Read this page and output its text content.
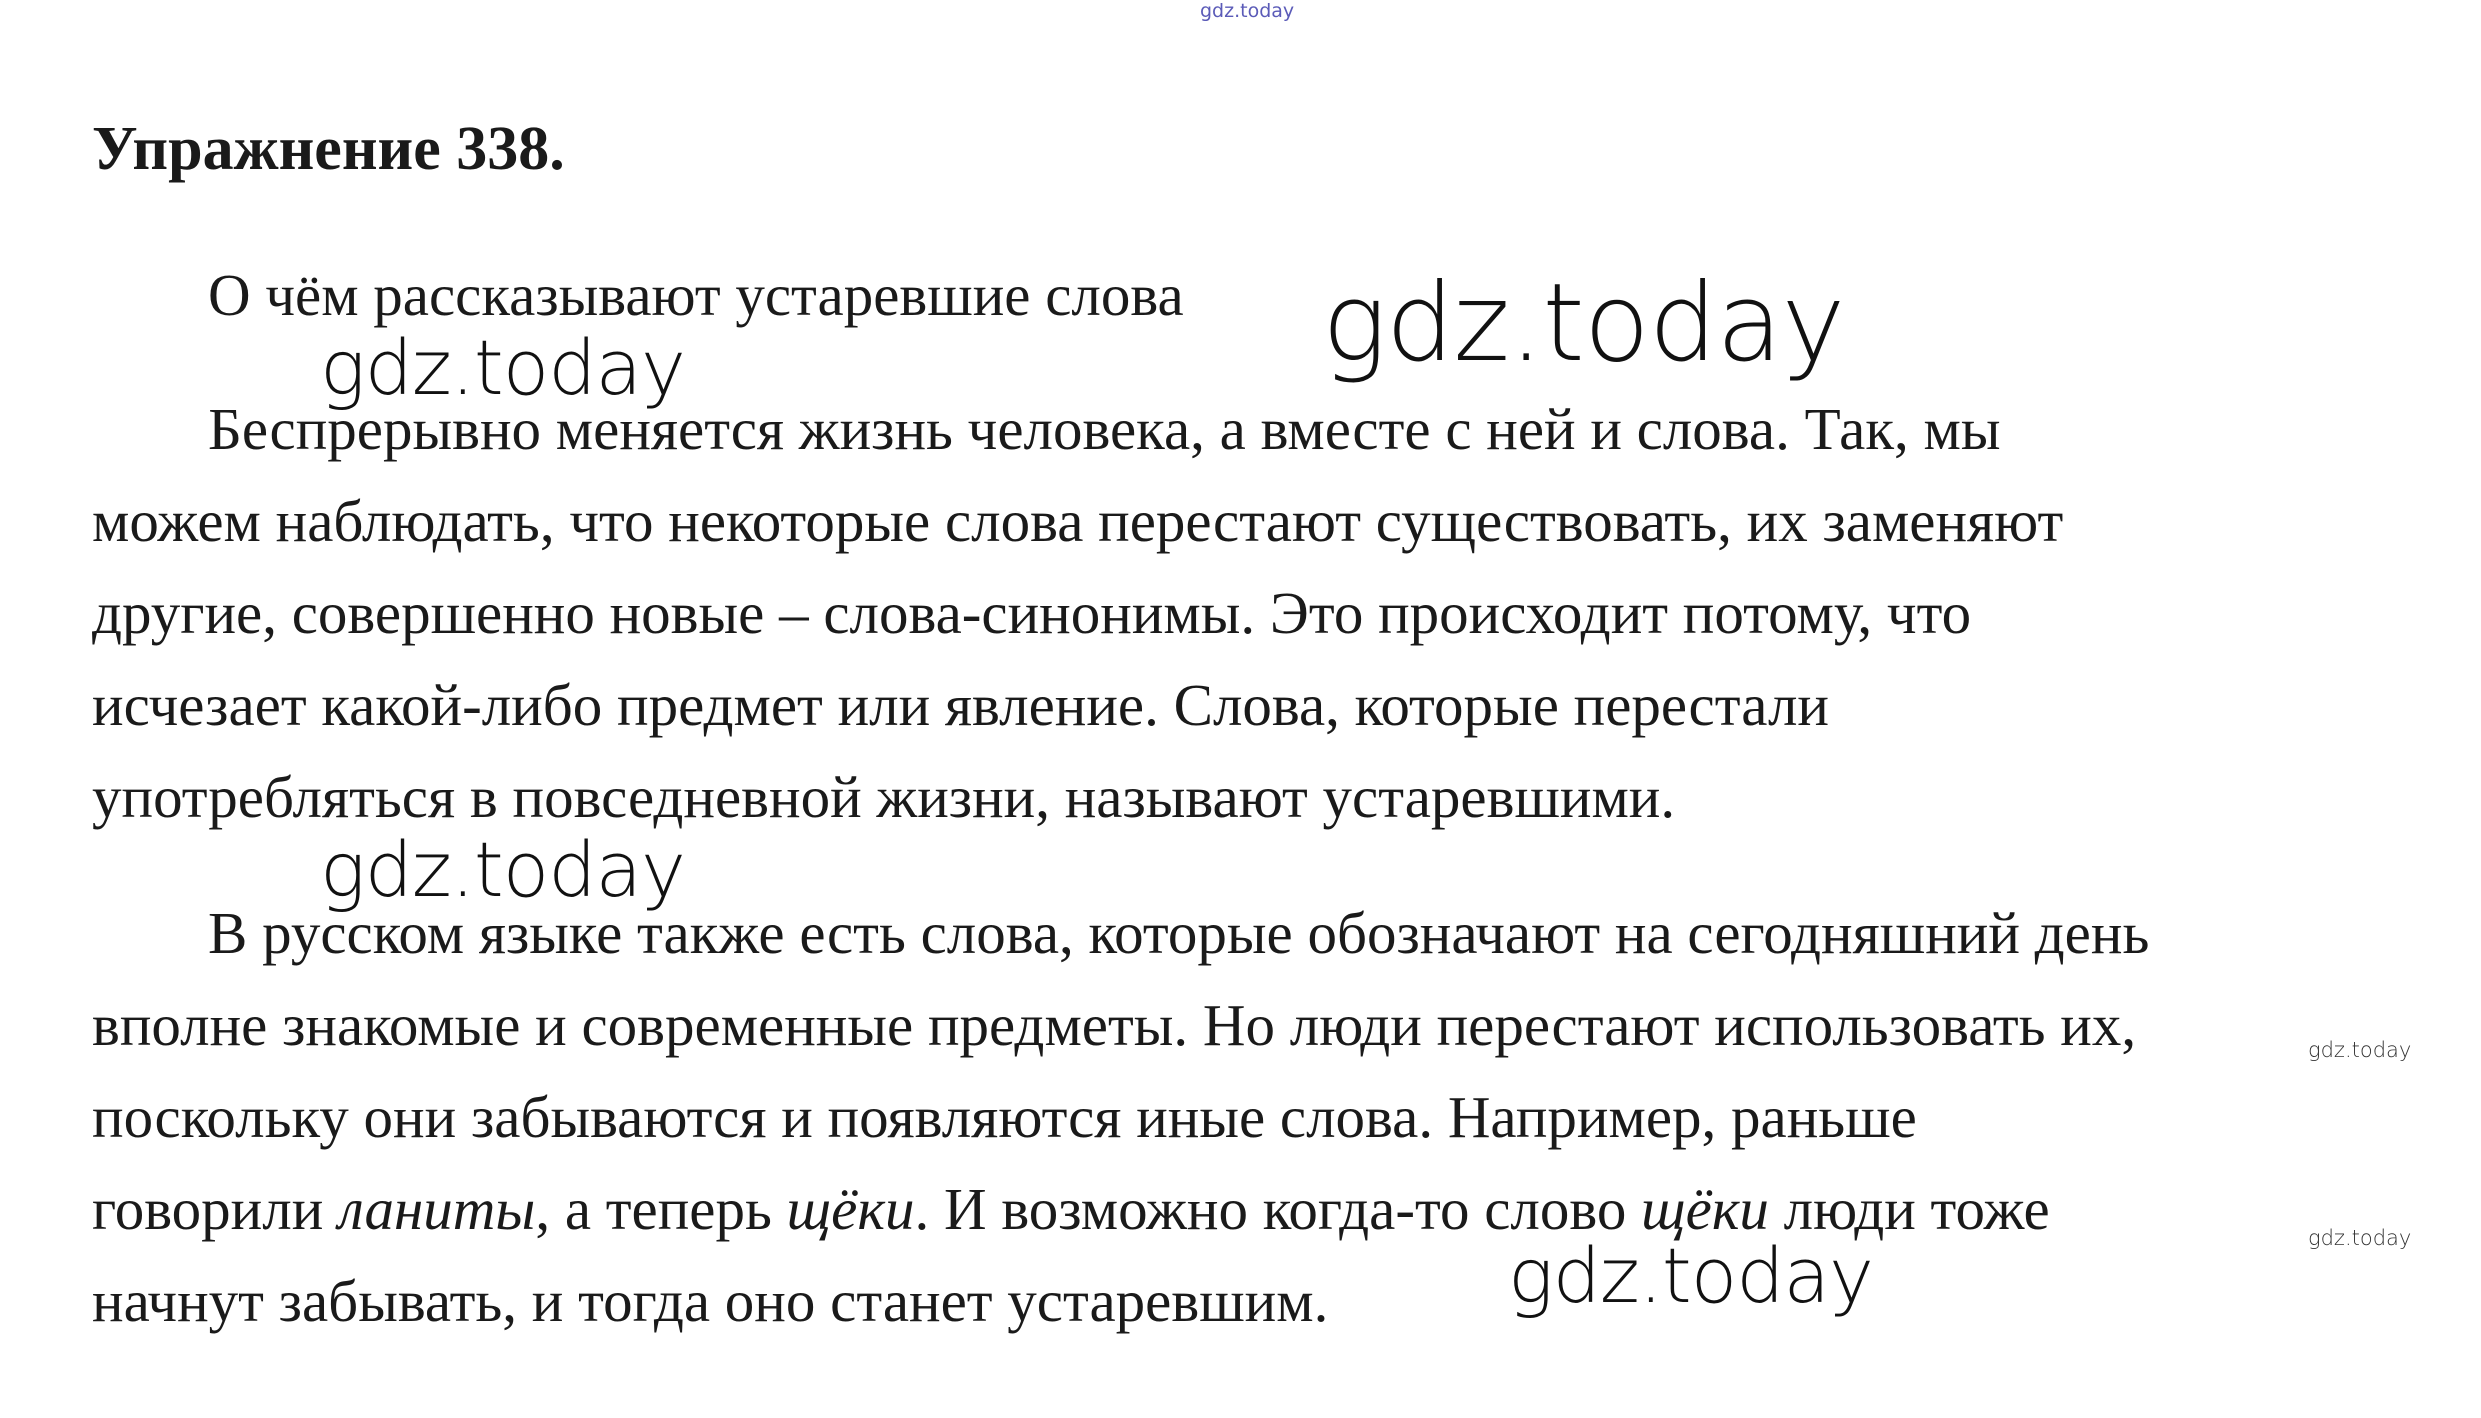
gdz.today
Упражнение 338.
О чём рассказывают устаревшие слова
Беспрерывно меняется жизнь человека, а вместе с ней и слова. Так, мы
можем наблюдать, что некоторые слова перестают существовать, их заменяют
другие, совершенно новые – слова-синонимы. Это происходит потому, что
исчезает какой-либо предмет или явление. Слова, которые перестали
употребляться в повседневной жизни, называют устаревшими.
В русском языке также есть слова, которые обозначают на сегодняшний день
вполне знакомые и современные предметы. Но люди перестают использовать их,
поскольку они забываются и появляются иные слова. Например, раньше
говорили ланиты, а теперь щёки. И возможно когда-то слово щёки люди тоже
начнут забывать, и тогда оно станет устаревшим.
gdz.today
gdz.today
gdz.today
gdz.today
gdz.today
gdz.today
